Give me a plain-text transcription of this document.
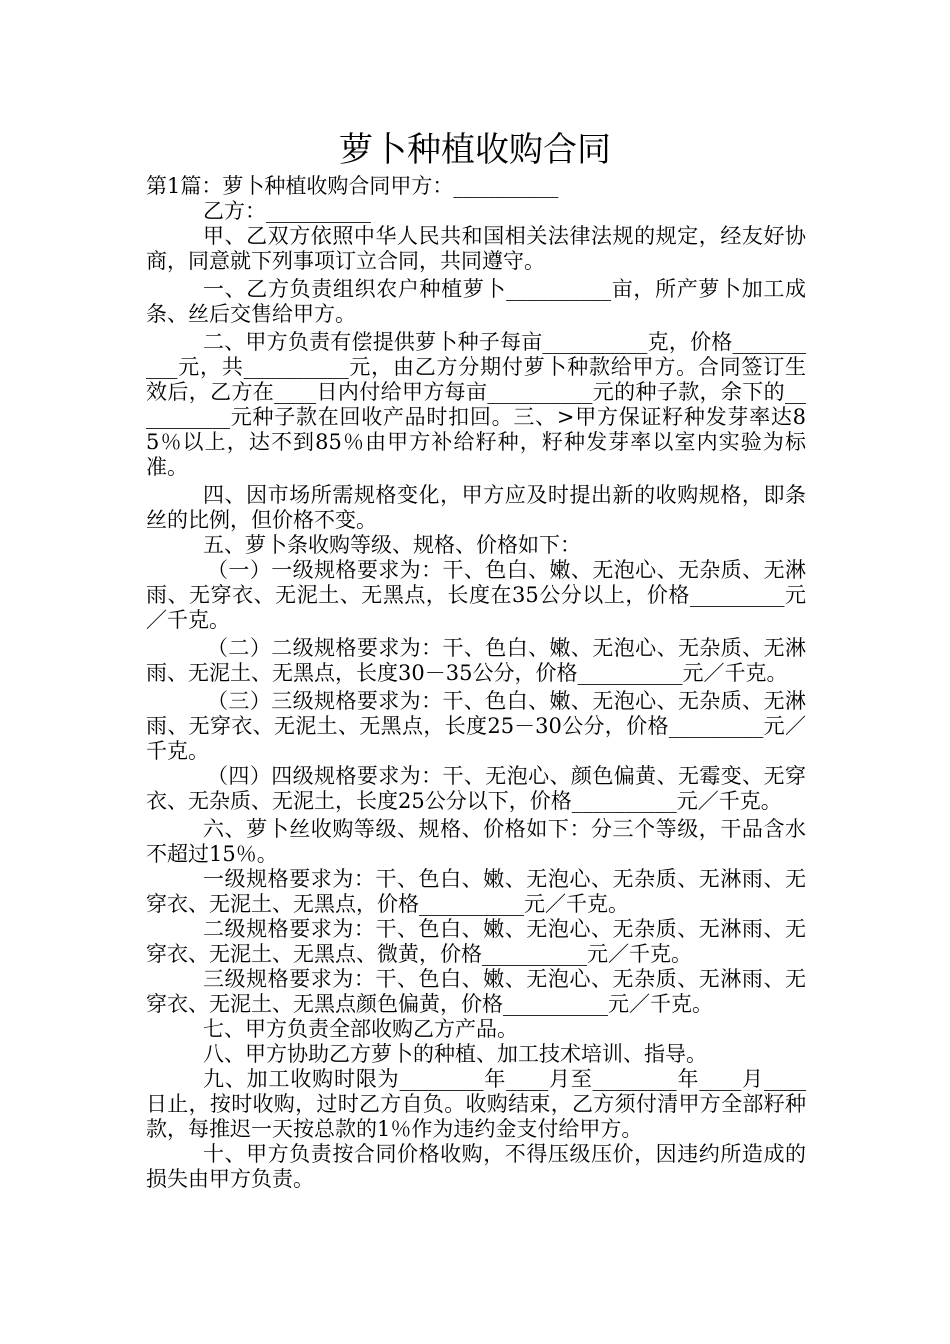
萝卜种植收购合同

第1篇：萝卜种植收购合同甲方：__________

乙方：__________

甲、乙双方依照中华人民共和国相关法律法规的规定，经友好协商，同意就下列事项订立合同，共同遵守。

一、乙方负责组织农户种植萝卜__________亩，所产萝卜加工成条、丝后交售给甲方。

二、甲方负责有偿提供萝卜种子每亩__________克，价格__________元，共__________元，由乙方分期付萝卜种款给甲方。合同签订生效后，乙方在____日内付给甲方每亩__________元的种子款，余下的__________元种子款在回收产品时扣回。三、>甲方保证籽种发芽率达85％以上，达不到85％由甲方补给籽种，籽种发芽率以室内实验为标准。

四、因市场所需规格变化，甲方应及时提出新的收购规格，即条丝的比例，但价格不变。

五、萝卜条收购等级、规格、价格如下：

（一）一级规格要求为：干、色白、嫩、无泡心、无杂质、无淋雨、无穿衣、无泥土、无黑点，长度在35公分以上，价格_________元／千克。

（二）二级规格要求为：干、色白、嫩、无泡心、无杂质、无淋雨、无泥土、无黑点，长度30－35公分，价格__________元／千克。

（三）三级规格要求为：干、色白、嫩、无泡心、无杂质、无淋雨、无穿衣、无泥土、无黑点，长度25－30公分，价格_________元／千克。

（四）四级规格要求为：干、无泡心、颜色偏黄、无霉变、无穿衣、无杂质、无泥土，长度25公分以下，价格__________元／千克。

六、萝卜丝收购等级、规格、价格如下：分三个等级，干品含水不超过15％。

一级规格要求为：干、色白、嫩、无泡心、无杂质、无淋雨、无穿衣、无泥土、无黑点，价格__________元／千克。

二级规格要求为：干、色白、嫩、无泡心、无杂质、无淋雨、无穿衣、无泥土、无黑点、微黄，价格__________元／千克。

三级规格要求为：干、色白、嫩、无泡心、无杂质、无淋雨、无穿衣、无泥土、无黑点颜色偏黄，价格__________元／千克。

七、甲方负责全部收购乙方产品。

八、甲方协助乙方萝卜的种植、加工技术培训、指导。

九、加工收购时限为________年____月至________年____月____日止，按时收购，过时乙方自负。收购结束，乙方须付清甲方全部籽种款，每推迟一天按总款的1％作为违约金支付给甲方。

十、甲方负责按合同价格收购，不得压级压价，因违约所造成的损失由甲方负责。
